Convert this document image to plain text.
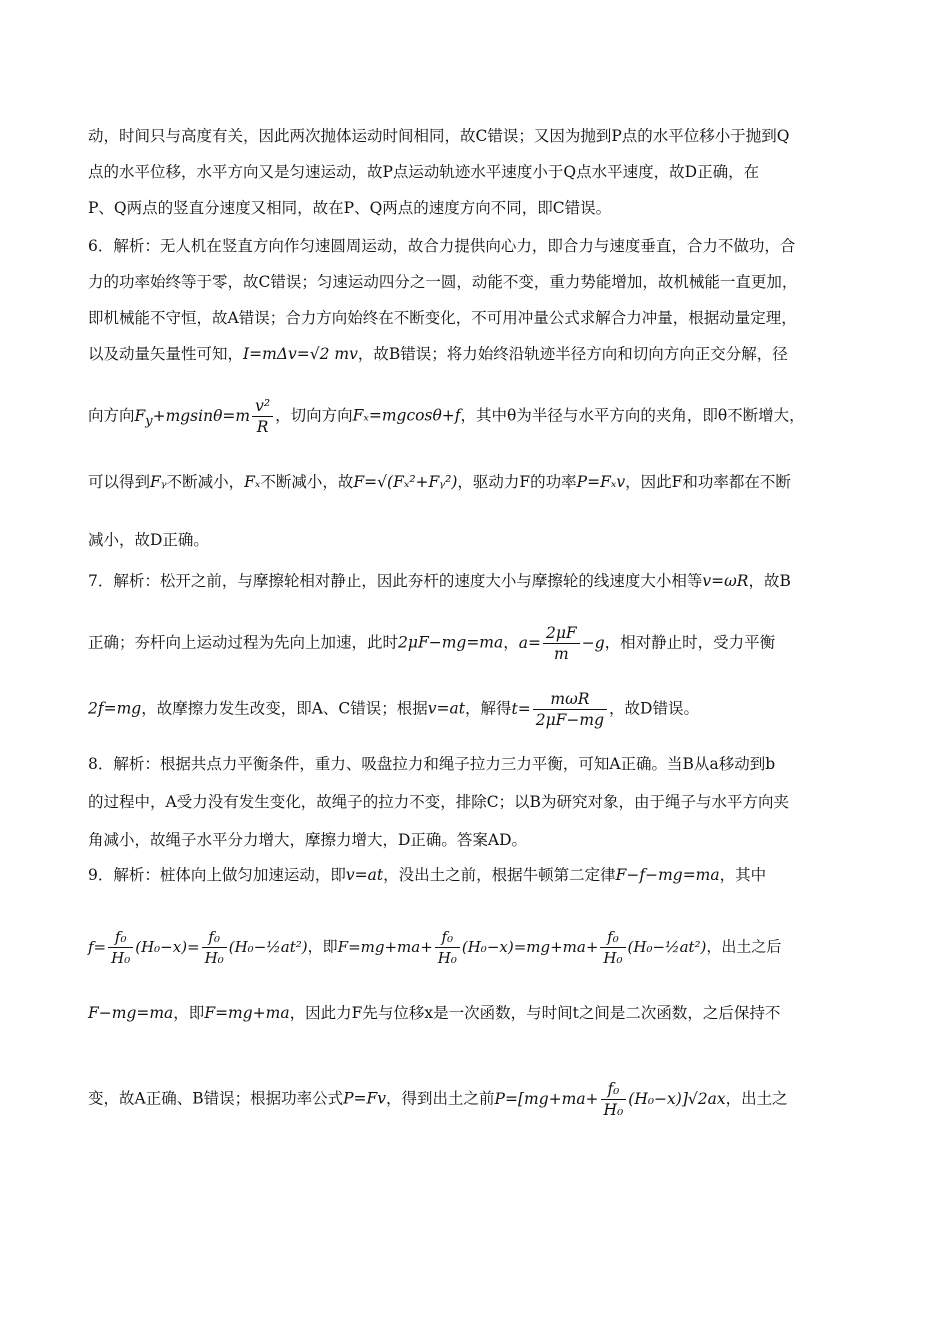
动，时间只与高度有关，因此两次抛体运动时间相同，故C错误；又因为抛到P点的水平位移小于抛到Q
点的水平位移，水平方向又是匀速运动，故P点运动轨迹水平速度小于Q点水平速度，故D正确，在
P、Q两点的竖直分速度又相同，故在P、Q两点的速度方向不同，即C错误。
6．解析：无人机在竖直方向作匀速圆周运动，故合力提供向心力，即合力与速度垂直，合力不做功，合
力的功率始终等于零，故C错误；匀速运动四分之一圆，动能不变，重力势能增加，故机械能一直更加，
即机械能不守恒，故A错误；合力方向始终在不断变化，不可用冲量公式求解合力冲量，根据动量定理，
以及动量矢量性可知，I=mΔv=√2 mv，故B错误；将力始终沿轨迹半径方向和切向方向正交分解，径
向方向$F_y+mgsin\theta=m \frac{\text{v²}}{R}$ ，切向方向Fₓ=mgcosθ+f，其中θ为半径与水平方向的夹角，即θ不断增大，
可以得到Fᵧ不断减小，Fₓ不断减小，故F=√(Fₓ²+Fᵧ²)，驱动力F的功率P=Fₓv，因此F和功率都在不断
减小，故D正确。
7．解析：松开之前，与摩擦轮相对静止，因此夯杆的速度大小与摩擦轮的线速度大小相等v=ωR，故B
正确；夯杆向上运动过程为先向上加速，此时2μF−mg=ma，$a= \frac{2\mu F}{m} -g$，相对静止时，受力平衡
2f=mg，故摩擦力发生改变，即A、C错误；根据v=at，解得$t= \frac{\text{mωR}}{2\mu F-mg}$ ，故D错误。
8．解析：根据共点力平衡条件，重力、吸盘拉力和绳子拉力三力平衡，可知A正确。当B从a移动到b
的过程中，A受力没有发生变化，故绳子的拉力不变，排除C；以B为研究对象，由于绳子与水平方向夹
角减小，故绳子水平分力增大，摩擦力增大，D正确。答案AD。
9．解析：桩体向上做匀加速运动，即v=at，没出土之前，根据牛顿第二定律F−f−mg=ma，其中
$f= \frac{\text{f₀}}{\text{H₀}} (H_0-x)= \frac{\text{f₀}}{\text{H₀}}$ (H₀−½at²)，即$F=mg+ma+ \frac{\text{f₀}}{\text{H₀}} (H_0-x)=mg+ma+ \frac{\text{f₀}}{\text{H₀}}$ (H₀−½at²)，出土之后
F−mg=ma，即F=mg+ma，因此力F先与位移x是一次函数，与时间t之间是二次函数，之后保持不
变，故A正确、B错误；根据功率公式P=Fv，得到出土之前$P=[mg+ma+ \frac{\text{f₀}}{\text{H₀}} (H_0-x)]√2ax$，出土之
